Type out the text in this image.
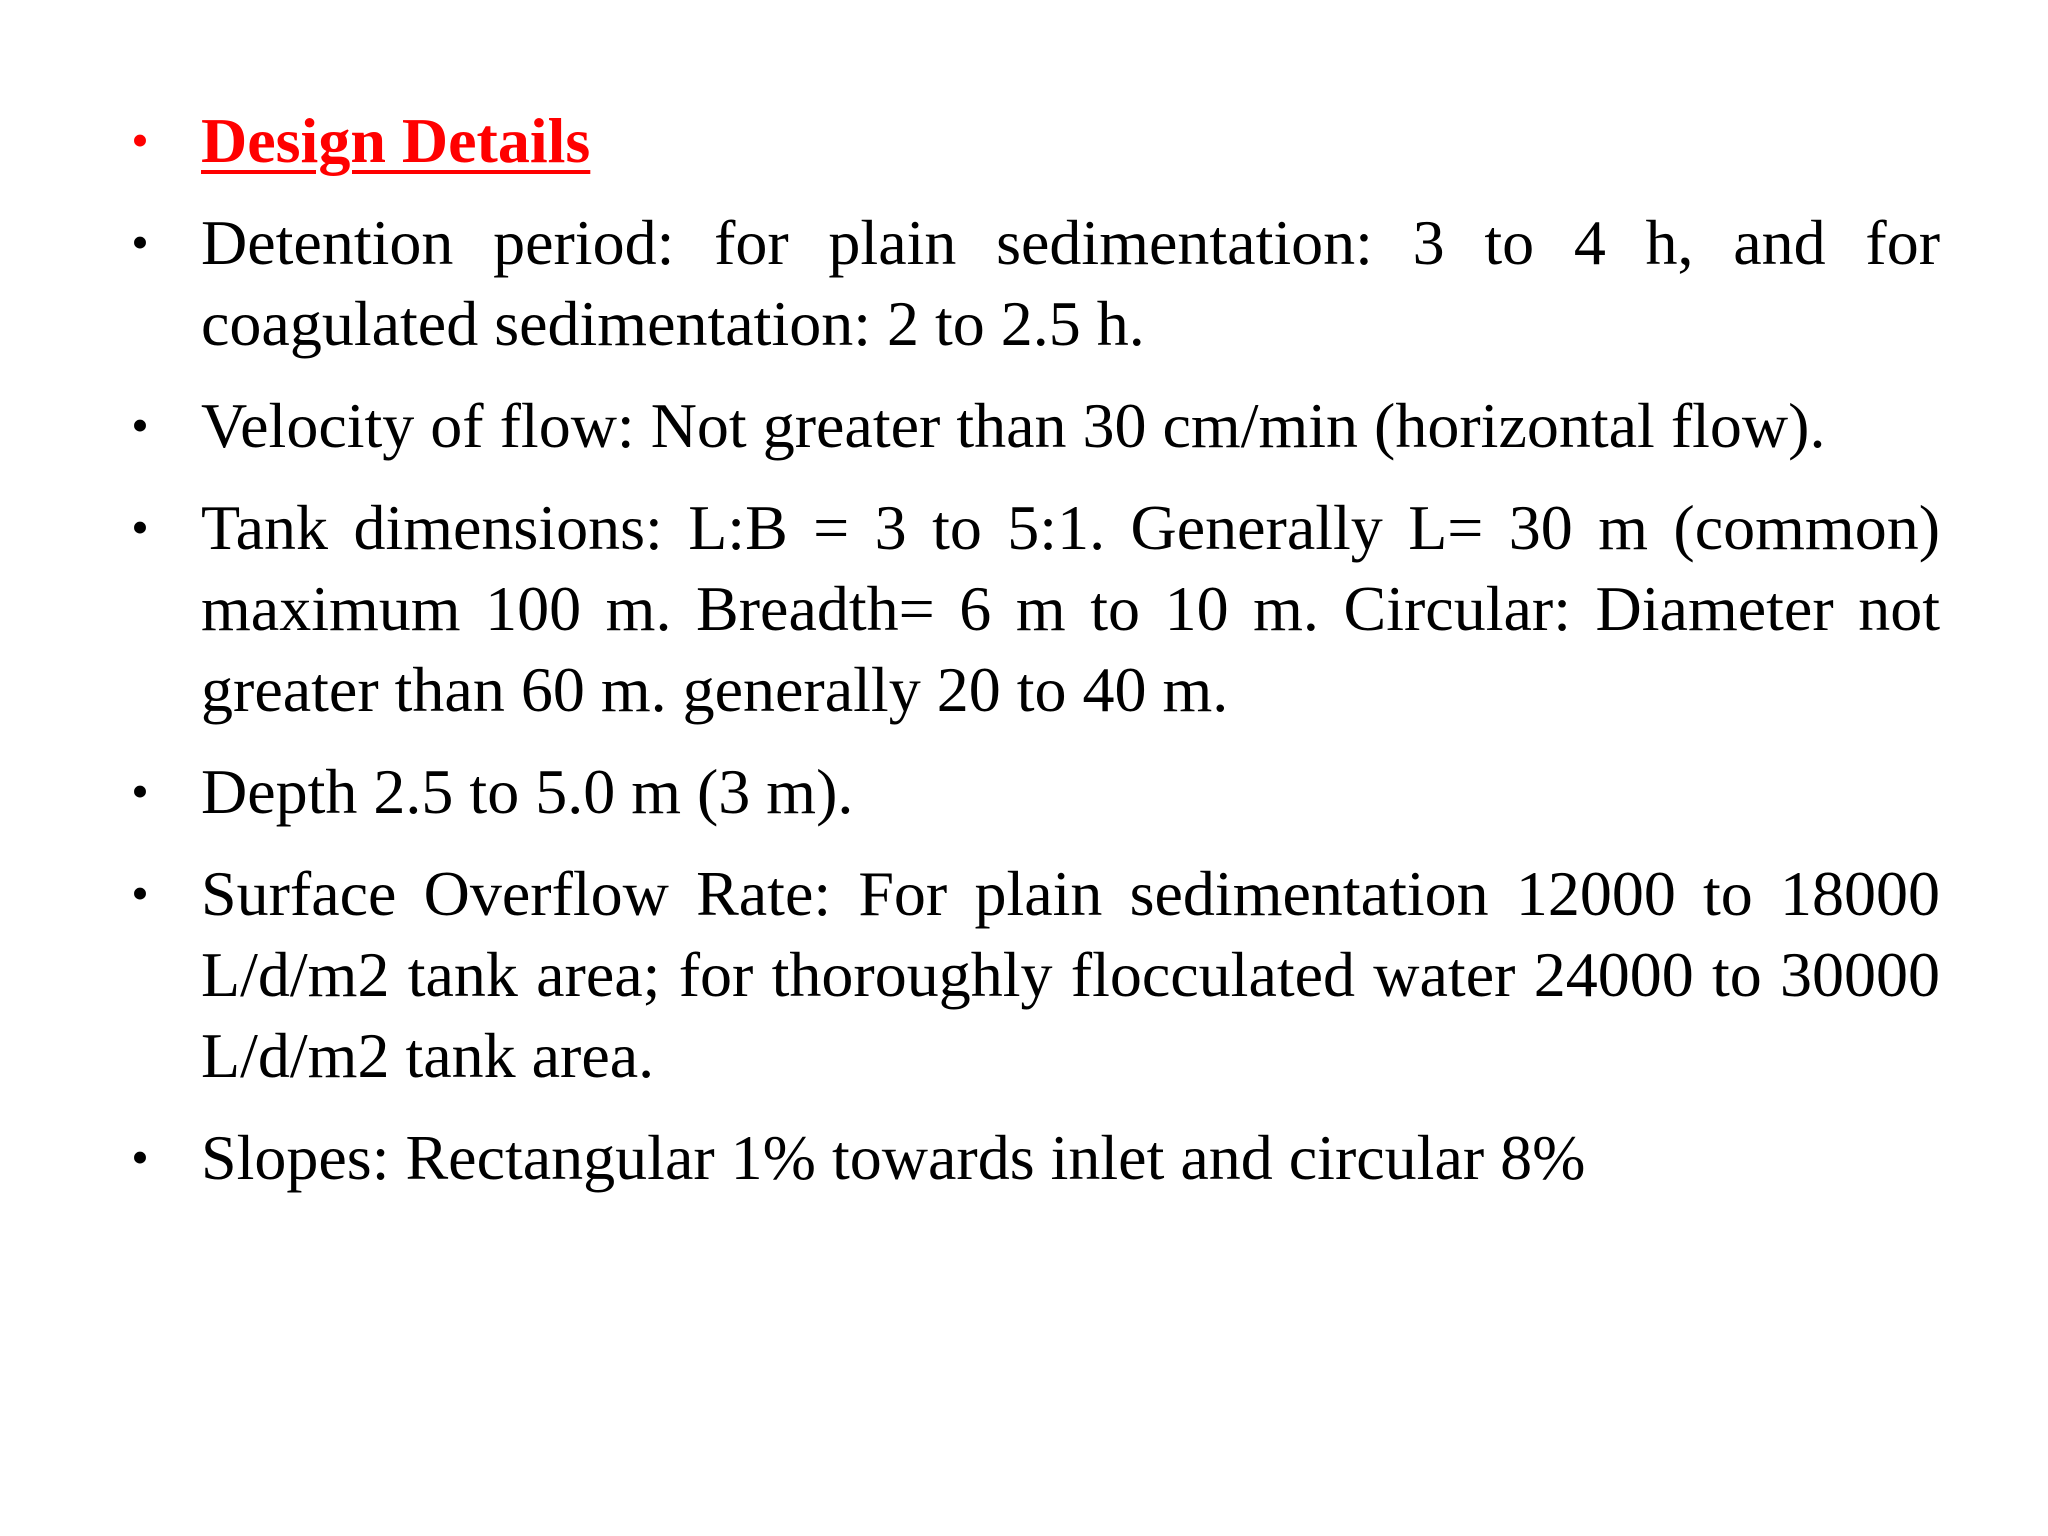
• Design Details
• Detention period: for plain sedimentation: 3 to 4 h, and for coagulated sedimentation: 2 to 2.5 h.
• Velocity of flow: Not greater than 30 cm/min (horizontal flow).
• Tank dimensions: L:B = 3 to 5:1. Generally L= 30 m (common) maximum 100 m. Breadth= 6 m to 10 m. Circular: Diameter not greater than 60 m. generally 20 to 40 m.
• Depth 2.5 to 5.0 m (3 m).
• Surface Overflow Rate: For plain sedimentation 12000 to 18000 L/d/m2 tank area; for thoroughly flocculated water 24000 to 30000 L/d/m2 tank area.
• Slopes: Rectangular 1% towards inlet and circular 8%
